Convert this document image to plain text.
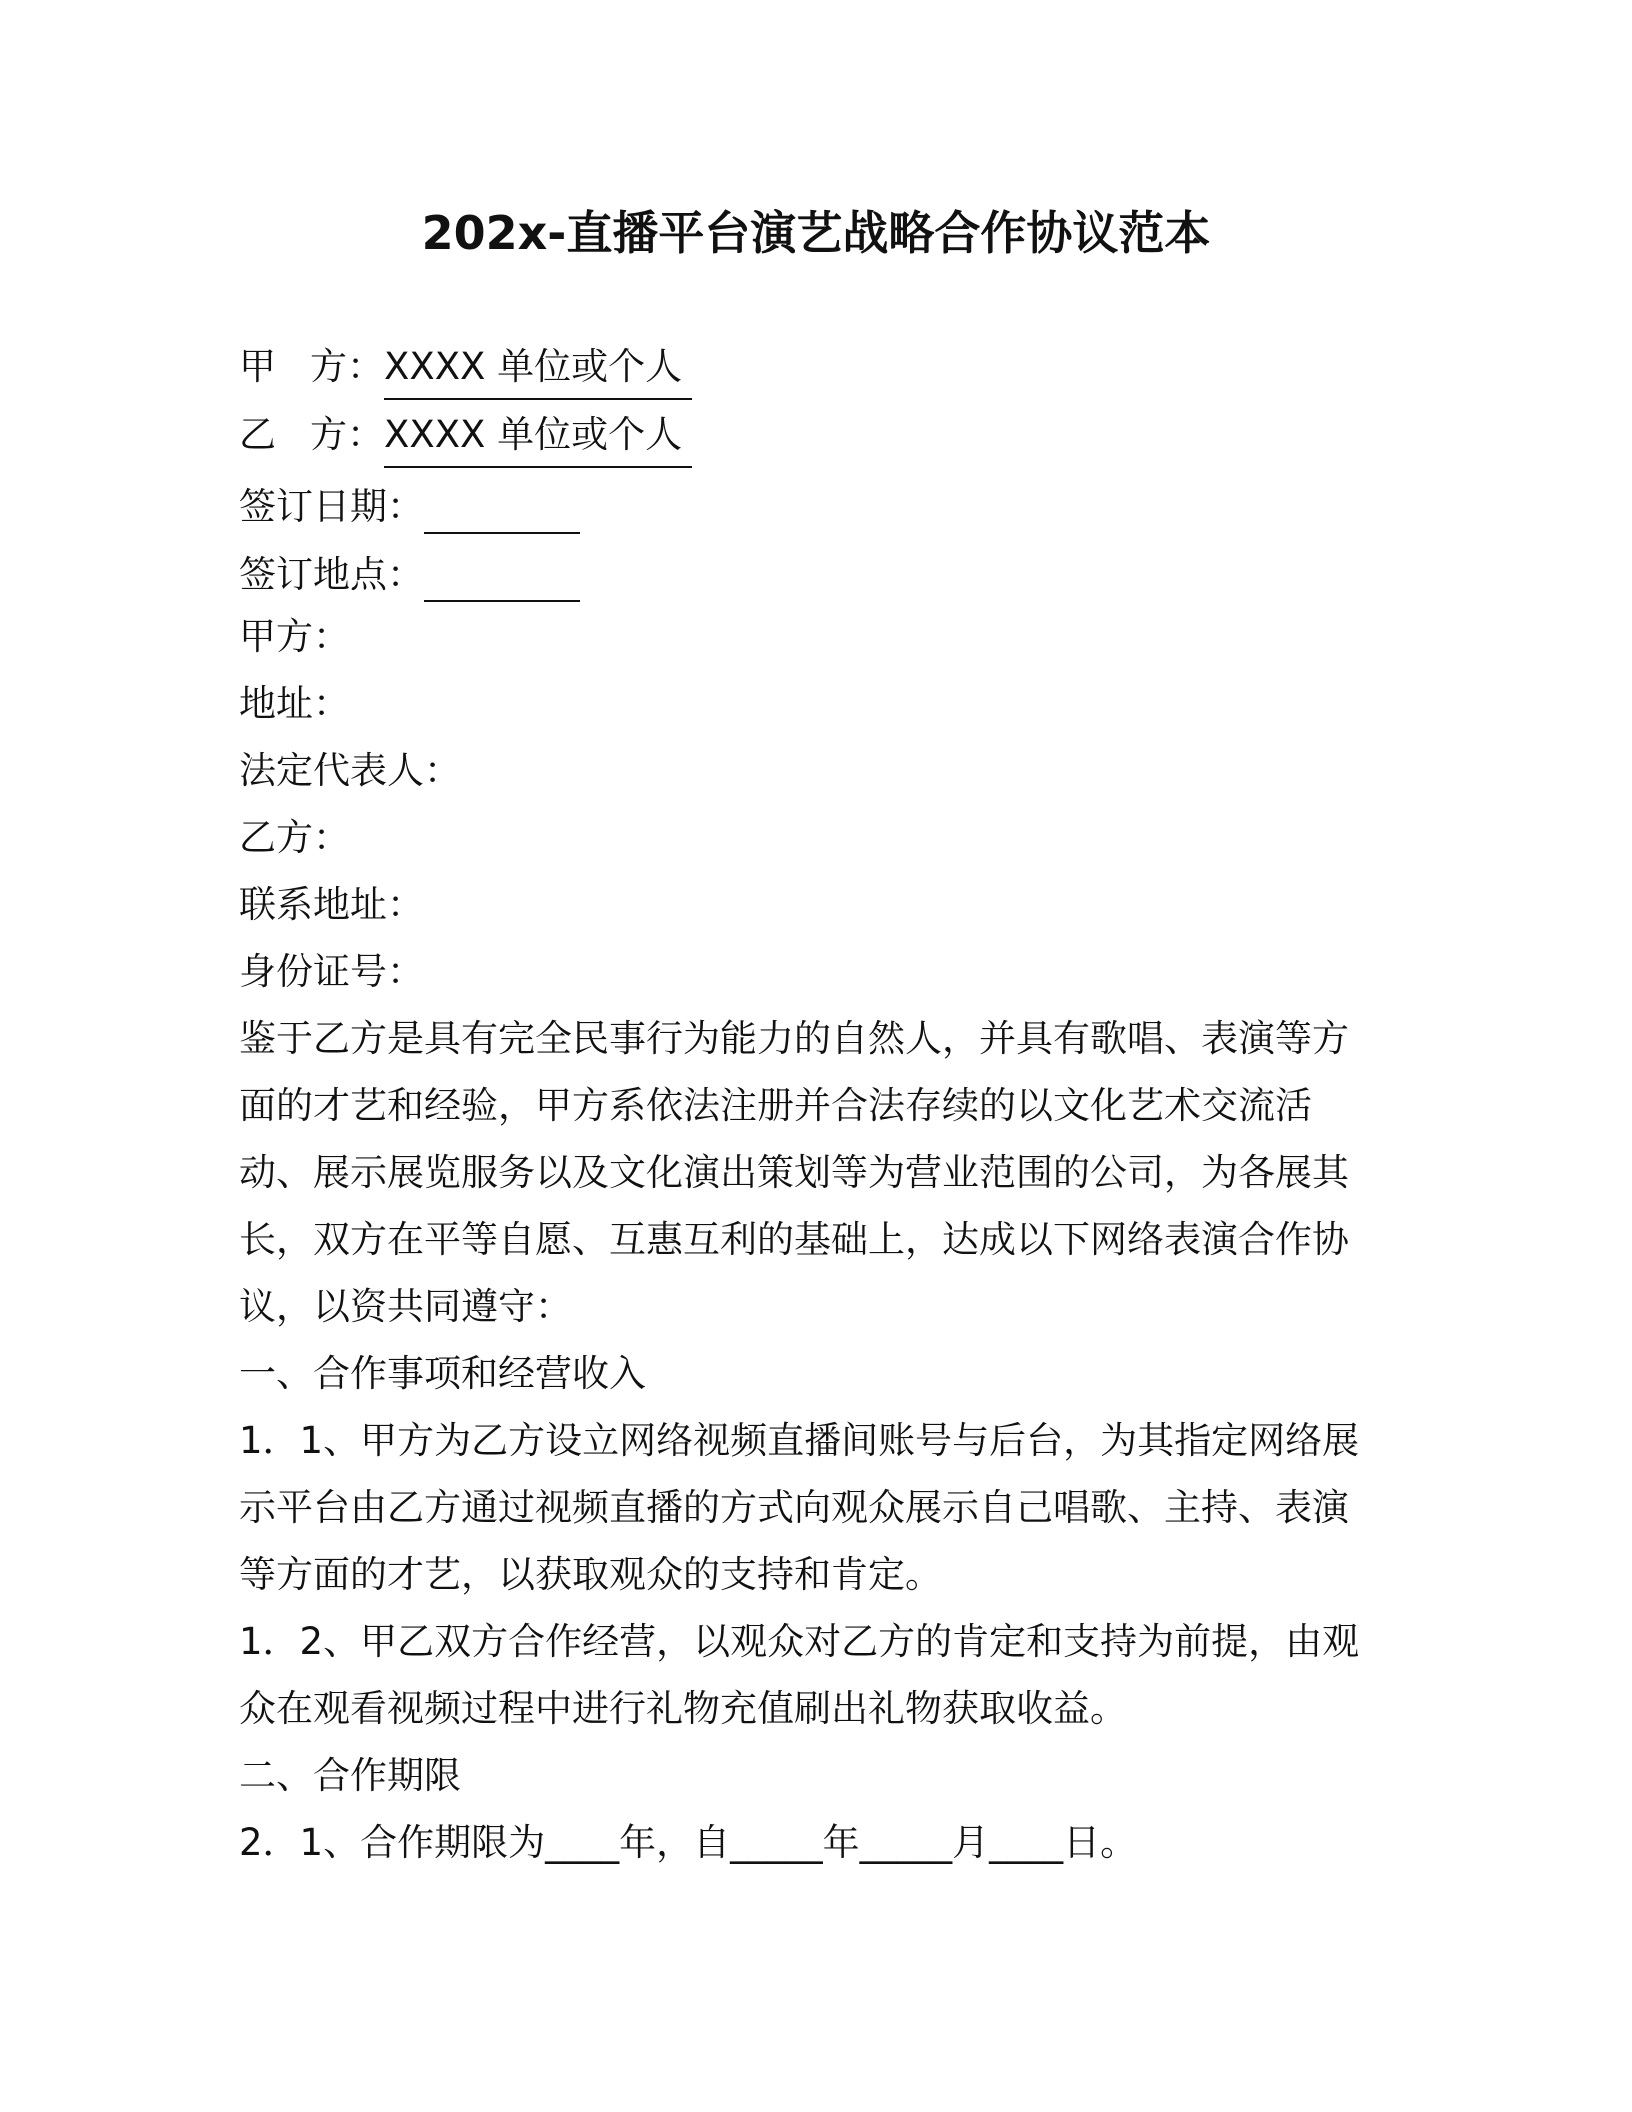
202x-直播平台演艺战略合作协议范本
甲 方：XXXX 单位或个人
乙 方：XXXX 单位或个人
签订日期：
签订地点：
甲方：
地址：
法定代表人：
乙方：
联系地址：
身份证号：
鉴于乙方是具有完全民事行为能力的自然人，并具有歌唱、表演等方
面的才艺和经验，甲方系依法注册并合法存续的以文化艺术交流活
动、展示展览服务以及文化演出策划等为营业范围的公司，为各展其
长，双方在平等自愿、互惠互利的基础上，达成以下网络表演合作协
议，以资共同遵守：
一、合作事项和经营收入
1．1、甲方为乙方设立网络视频直播间账号与后台，为其指定网络展
示平台由乙方通过视频直播的方式向观众展示自己唱歌、主持、表演
等方面的才艺，以获取观众的支持和肯定。
1．2、甲乙双方合作经营，以观众对乙方的肯定和支持为前提，由观
众在观看视频过程中进行礼物充值刷出礼物获取收益。
二、合作期限
2．1、合作期限为____年，自_____年_____月____日。
